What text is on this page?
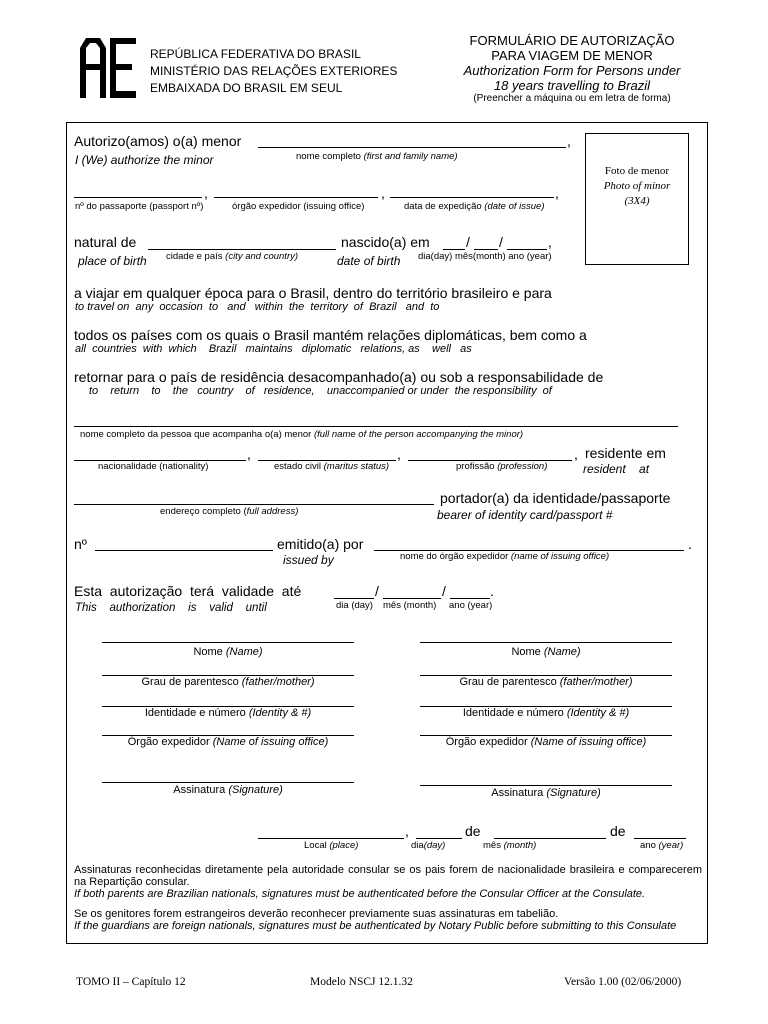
REPÚBLICA FEDERATIVA DO BRASIL
MINISTÉRIO DAS RELAÇÕES EXTERIORES
EMBAIXADA DO BRASIL EM SEUL
FORMULÁRIO DE AUTORIZAÇÃO
PARA VIAGEM DE MENOR
Authorization Form for Persons under
18 years travelling to Brazil
(Preencher a máquina ou em letra de forma)
Foto de menor
Photo of minor
(3X4)
Autorizo(amos) o(a) menor	,
I (We) authorize the minor	nome completo (first and family name)
,	,	,
nº do passaporte (passport nº)	órgão expedidor (issuing office)	data de expedição (date of issue)
natural de	nascido(a) em	/ /	,
place of birth cidade e país (city and country)	date of birth dia(day) mês(month) ano (year)
a viajar em qualquer época para o Brasil, dentro do território brasileiro e para
to travel on  any  occasion  to   and   within  the  territory  of  Brazil   and  to
todos os países com os quais o Brasil mantém relações diplomáticas, bem como a
all  countries  with  which    Brazil   maintains   diplomatic   relations, as    well   as
retornar para o país de residência desacompanhado(a) ou sob a responsabilidade de
to    return    to    the   country    of   residence,    unaccompanied or under  the responsibility  of
nome completo da pessoa que acompanha o(a) menor (full name of the person accompanying the minor)
,	,	, residente em
nacionalidade (nationality)	estado civil (maritus status)	profissão (profession)	resident    at
portador(a) da identidade/passaporte
endereço completo (full address)	bearer of identity card/passport #
nº	emitido(a) por	.
issued by	nome do órgão expedidor (name of issuing office)
Esta  autorização  terá  validade  até	/	/	.
This    authorization    is    valid    until	dia (day) mês (month) ano (year)
Nome (Name)
Grau de parentesco (father/mother)
Identidade e número (Identity & #)
Órgão expedidor (Name of issuing office)
Assinatura (Signature)
Nome (Name)
Grau de parentesco (father/mother)
Identidade e número (Identity & #)
Órgão expedidor (Name of issuing office)
Assinatura (Signature)
,	de	de
Local (place)	dia(day)	mês (month)	ano (year)
Assinaturas reconhecidas diretamente pela autoridade consular se os pais forem de nacionalidade brasileira e comparecerem na Repartição consular.
If both parents are Brazilian nationals, signatures must be authenticated before the Consular Officer at the Consulate.
Se os genitores forem estrangeiros deverão reconhecer previamente suas assinaturas em tabelião.
If the guardians are foreign nationals, signatures must be authenticated by Notary Public before submitting to this Consulate
TOMO II – Capítulo 12	Modelo NSCJ 12.1.32	Versão 1.00 (02/06/2000)
